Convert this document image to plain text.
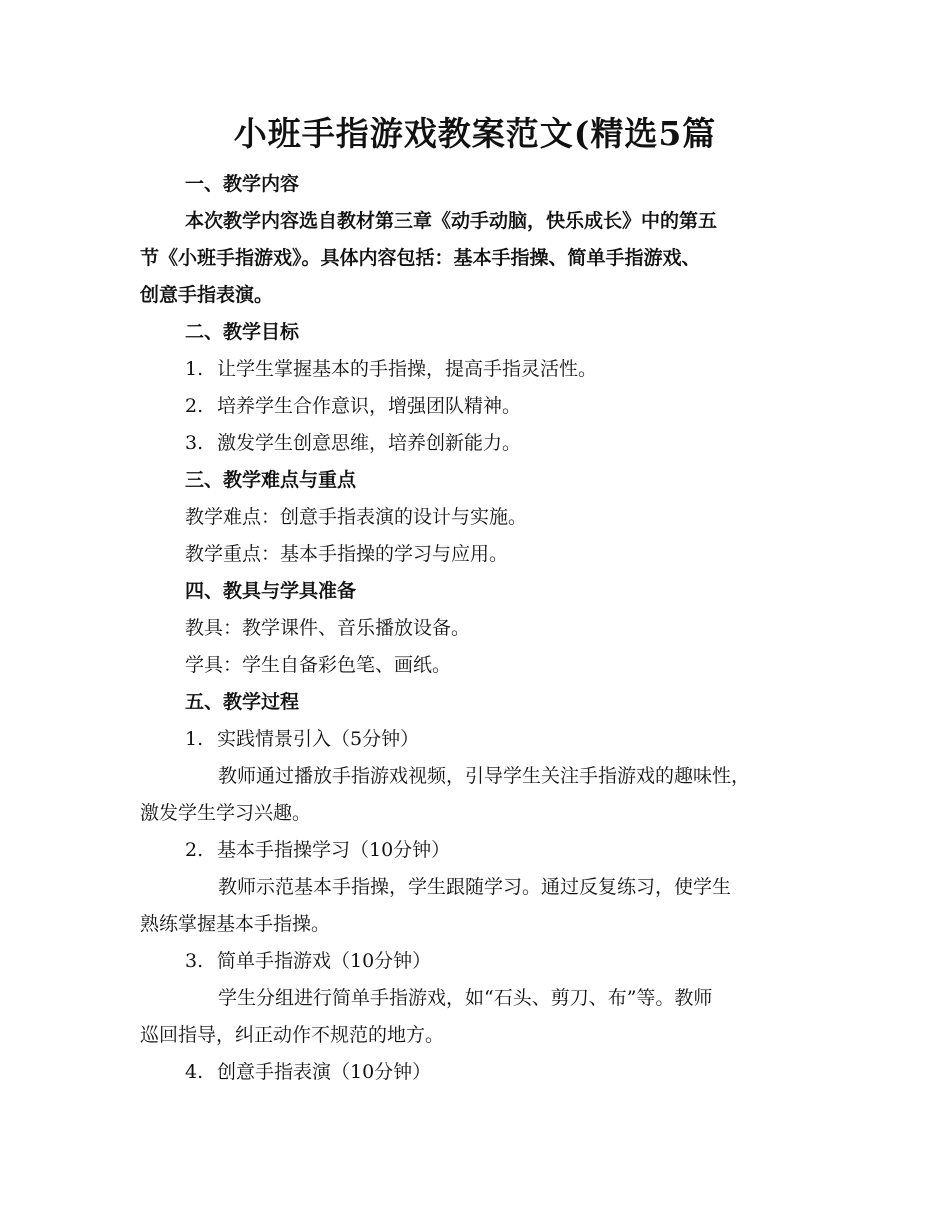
小班手指游戏教案范文(精选5篇
一、教学内容
本次教学内容选自教材第三章《动手动脑，快乐成长》中的第五
节《小班手指游戏》。具体内容包括：基本手指操、简单手指游戏、
创意手指表演。
二、教学目标
1. 让学生掌握基本的手指操，提高手指灵活性。
2. 培养学生合作意识，增强团队精神。
3. 激发学生创意思维，培养创新能力。
三、教学难点与重点
教学难点：创意手指表演的设计与实施。
教学重点：基本手指操的学习与应用。
四、教具与学具准备
教具：教学课件、音乐播放设备。
学具：学生自备彩色笔、画纸。
五、教学过程
1. 实践情景引入（5分钟）
教师通过播放手指游戏视频，引导学生关注手指游戏的趣味性，
激发学生学习兴趣。
2. 基本手指操学习（10分钟）
教师示范基本手指操，学生跟随学习。通过反复练习，使学生
熟练掌握基本手指操。
3. 简单手指游戏（10分钟）
学生分组进行简单手指游戏，如“石头、剪刀、布”等。教师
巡回指导，纠正动作不规范的地方。
4. 创意手指表演（10分钟）
